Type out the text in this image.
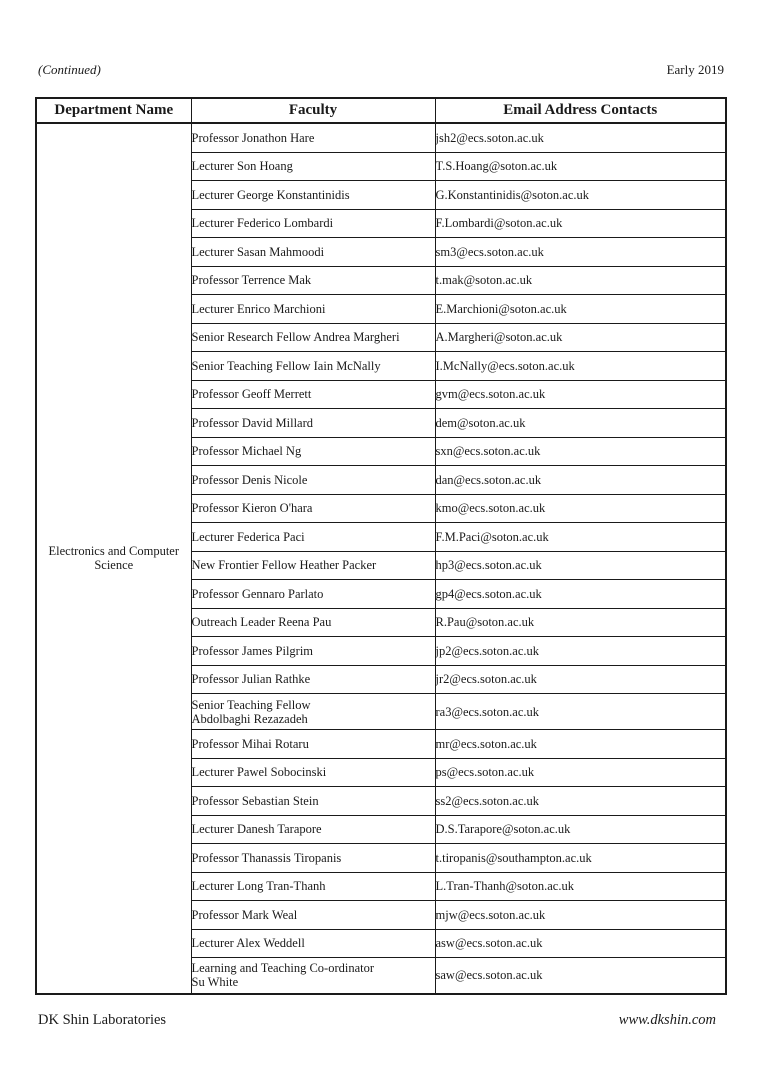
(Continued)	Early 2019
Department Name	Faculty	Email Address Contacts
Electronics and Computer Science	Professor Jonathon Hare	jsh2@ecs.soton.ac.uk
	Lecturer Son Hoang	T.S.Hoang@soton.ac.uk
	Lecturer George Konstantinidis	G.Konstantinidis@soton.ac.uk
	Lecturer Federico Lombardi	F.Lombardi@soton.ac.uk
	Lecturer Sasan Mahmoodi	sm3@ecs.soton.ac.uk
	Professor Terrence Mak	t.mak@soton.ac.uk
	Lecturer Enrico Marchioni	E.Marchioni@soton.ac.uk
	Senior Research Fellow Andrea Margheri	A.Margheri@soton.ac.uk
	Senior Teaching Fellow Iain McNally	I.McNally@ecs.soton.ac.uk
	Professor Geoff Merrett	gvm@ecs.soton.ac.uk
	Professor David Millard	dem@soton.ac.uk
	Professor Michael Ng	sxn@ecs.soton.ac.uk
	Professor Denis Nicole	dan@ecs.soton.ac.uk
	Professor Kieron O'hara	kmo@ecs.soton.ac.uk
	Lecturer Federica Paci	F.M.Paci@soton.ac.uk
	New Frontier Fellow Heather Packer	hp3@ecs.soton.ac.uk
	Professor Gennaro Parlato	gp4@ecs.soton.ac.uk
	Outreach Leader Reena Pau	R.Pau@soton.ac.uk
	Professor James Pilgrim	jp2@ecs.soton.ac.uk
	Professor Julian Rathke	jr2@ecs.soton.ac.uk
	Senior Teaching Fellow
Abdolbaghi Rezazadeh	ra3@ecs.soton.ac.uk
	Professor Mihai Rotaru	mr@ecs.soton.ac.uk
	Lecturer Pawel Sobocinski	ps@ecs.soton.ac.uk
	Professor Sebastian Stein	ss2@ecs.soton.ac.uk
	Lecturer Danesh Tarapore	D.S.Tarapore@soton.ac.uk
	Professor Thanassis Tiropanis	t.tiropanis@southampton.ac.uk
	Lecturer Long Tran-Thanh	L.Tran-Thanh@soton.ac.uk
	Professor Mark Weal	mjw@ecs.soton.ac.uk
	Lecturer Alex Weddell	asw@ecs.soton.ac.uk
	Learning and Teaching Co-ordinator
Su White	saw@ecs.soton.ac.uk
DK Shin Laboratories	www.dkshin.com
